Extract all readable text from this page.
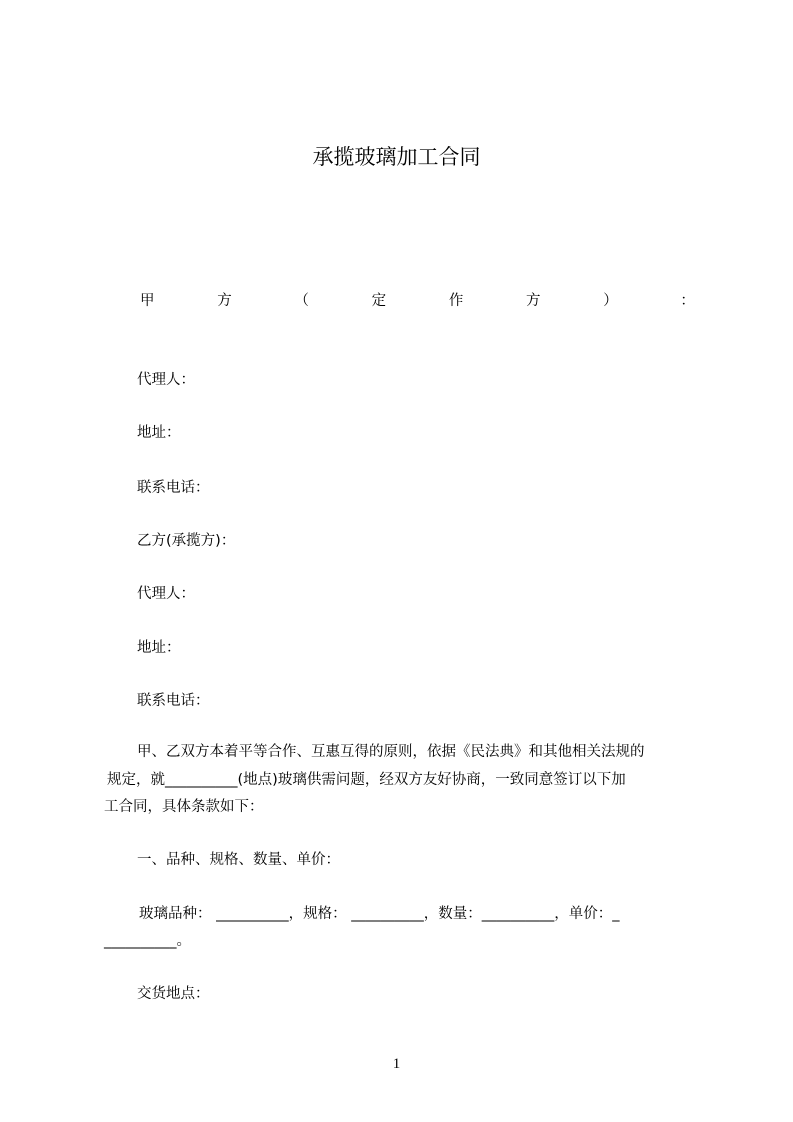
承揽玻璃加工合同
甲	方	（	定	作	方	）	：
代理人：
地址：
联系电话：
乙方(承揽方)：
代理人：
地址：
联系电话：
甲、乙双方本着平等合作、互惠互得的原则，依据《民法典》和其他相关法规的
规定，就__________(地点)玻璃供需问题，经双方友好协商，一致同意签订以下加
工合同，具体条款如下：
一、品种、规格、数量、单价：
玻璃品种： __________，规格： __________，数量：__________，单价：_
__________。
交货地点：
1
